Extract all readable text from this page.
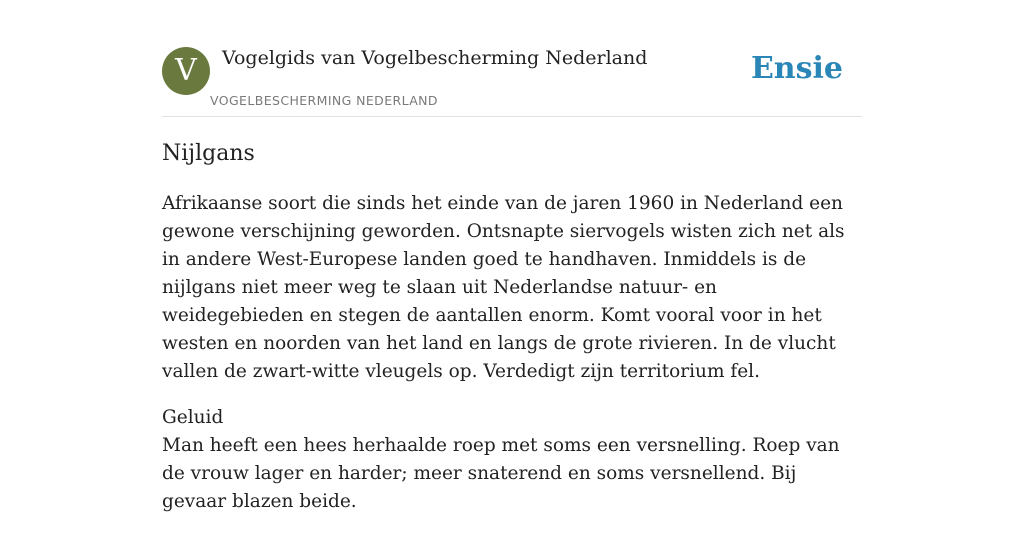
V	Vogelgids van Vogelbescherming Nederland
VOGELBESCHERMING NEDERLAND
Ensie
Nijlgans

Afrikaanse soort die sinds het einde van de jaren 1960 in Nederland een gewone verschijning geworden. Ontsnapte siervogels wisten zich net als in andere West-Europese landen goed te handhaven. Inmiddels is de nijlgans niet meer weg te slaan uit Nederlandse natuur- en weidegebieden en stegen de aantallen enorm. Komt vooral voor in het westen en noorden van het land en langs de grote rivieren. In de vlucht vallen de zwart-witte vleugels op. Verdedigt zijn territorium fel.

Geluid
Man heeft een hees herhaalde roep met soms een versnelling. Roep van de vrouw lager en harder; meer snaterend en soms versnellend. Bij gevaar blazen beide.
